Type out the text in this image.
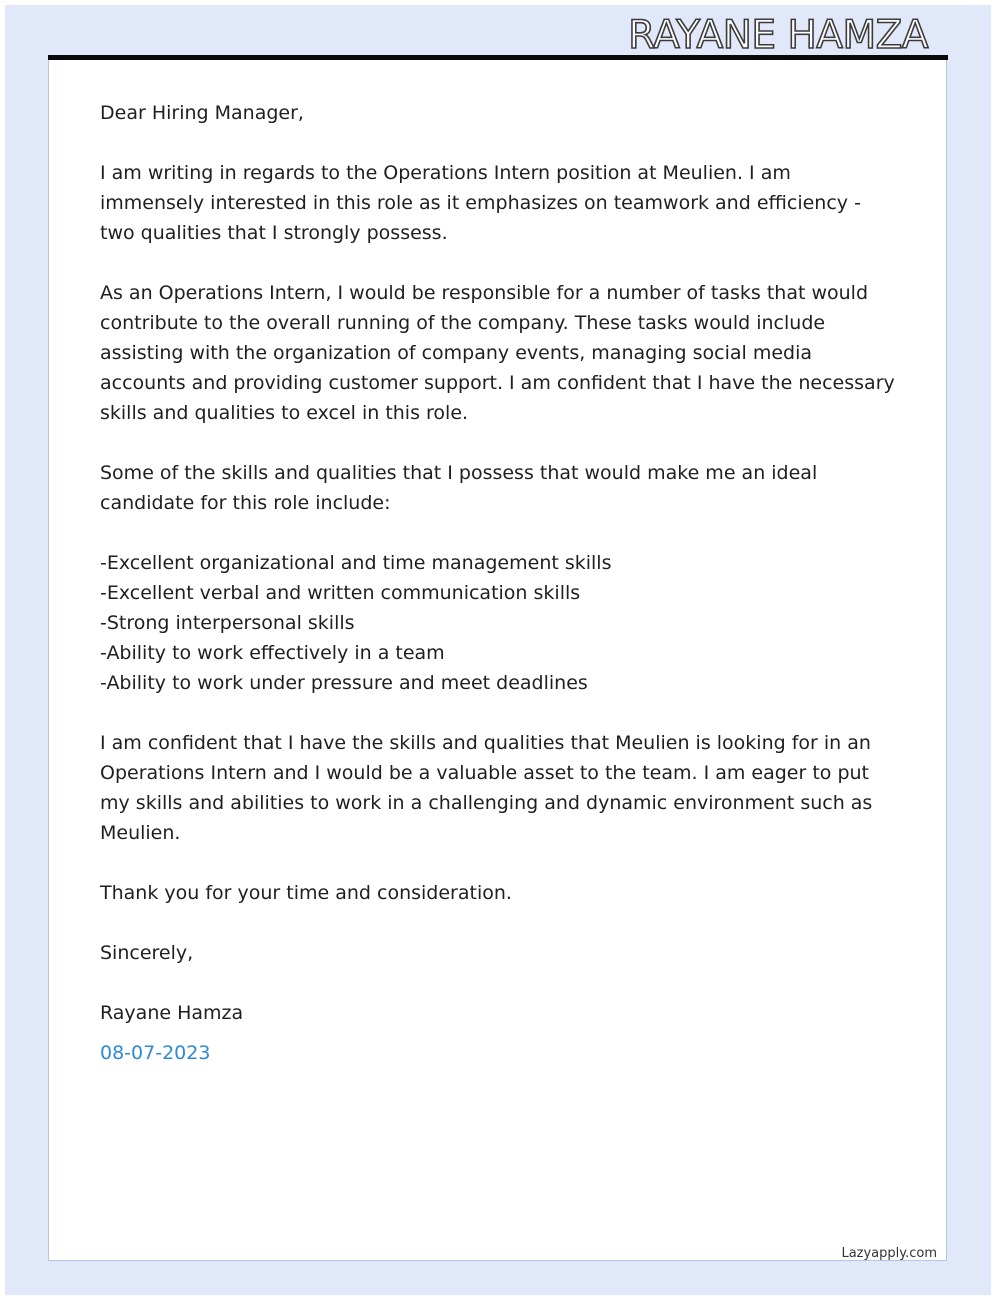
RAYANE HAMZA

Dear Hiring Manager,

I am writing in regards to the Operations Intern position at Meulien. I am immensely interested in this role as it emphasizes on teamwork and efficiency - two qualities that I strongly possess.

As an Operations Intern, I would be responsible for a number of tasks that would contribute to the overall running of the company. These tasks would include assisting with the organization of company events, managing social media accounts and providing customer support. I am confident that I have the necessary skills and qualities to excel in this role.

Some of the skills and qualities that I possess that would make me an ideal candidate for this role include:

-Excellent organizational and time management skills
-Excellent verbal and written communication skills
-Strong interpersonal skills
-Ability to work effectively in a team
-Ability to work under pressure and meet deadlines

I am confident that I have the skills and qualities that Meulien is looking for in an Operations Intern and I would be a valuable asset to the team. I am eager to put my skills and abilities to work in a challenging and dynamic environment such as Meulien.

Thank you for your time and consideration.

Sincerely,

Rayane Hamza

08-07-2023

Lazyapply.com
